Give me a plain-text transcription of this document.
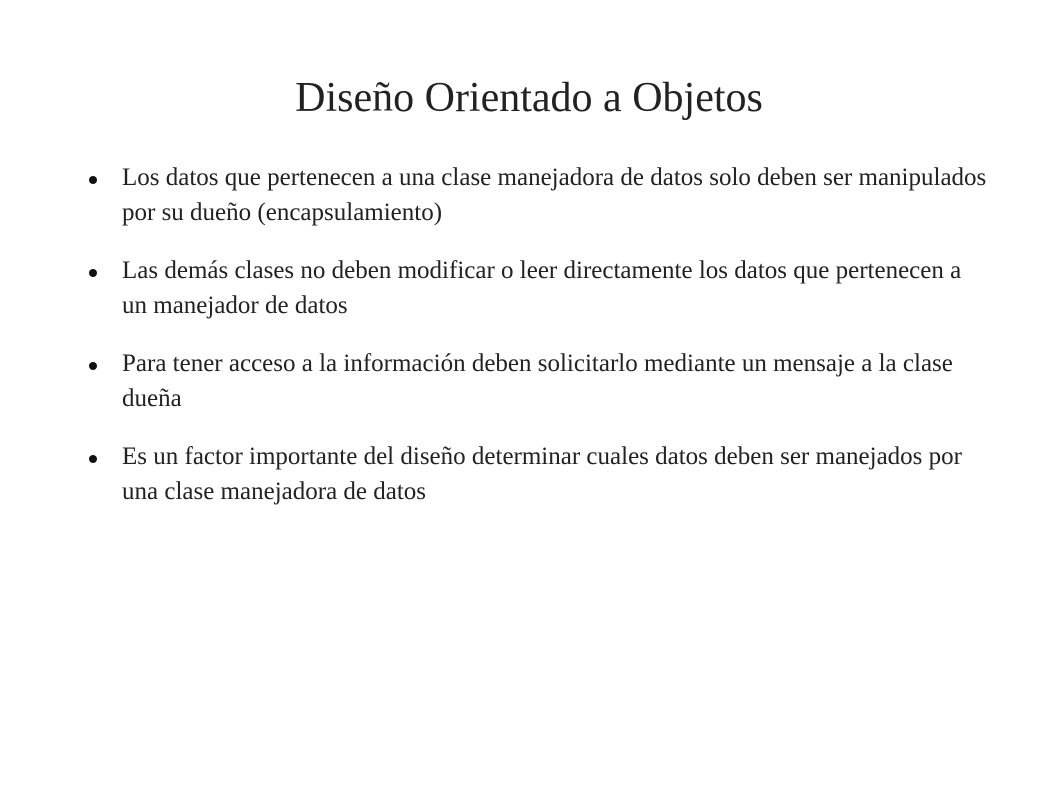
Diseño Orientado a Objetos
Los datos que pertenecen a una clase manejadora de datos solo deben ser manipulados por su dueño (encapsulamiento)
Las demás clases no deben modificar o leer directamente los datos que pertenecen a un manejador de datos
Para tener acceso a la información deben solicitarlo mediante un mensaje a la clase dueña
Es un factor importante del diseño determinar cuales datos deben ser manejados por una clase manejadora de datos
